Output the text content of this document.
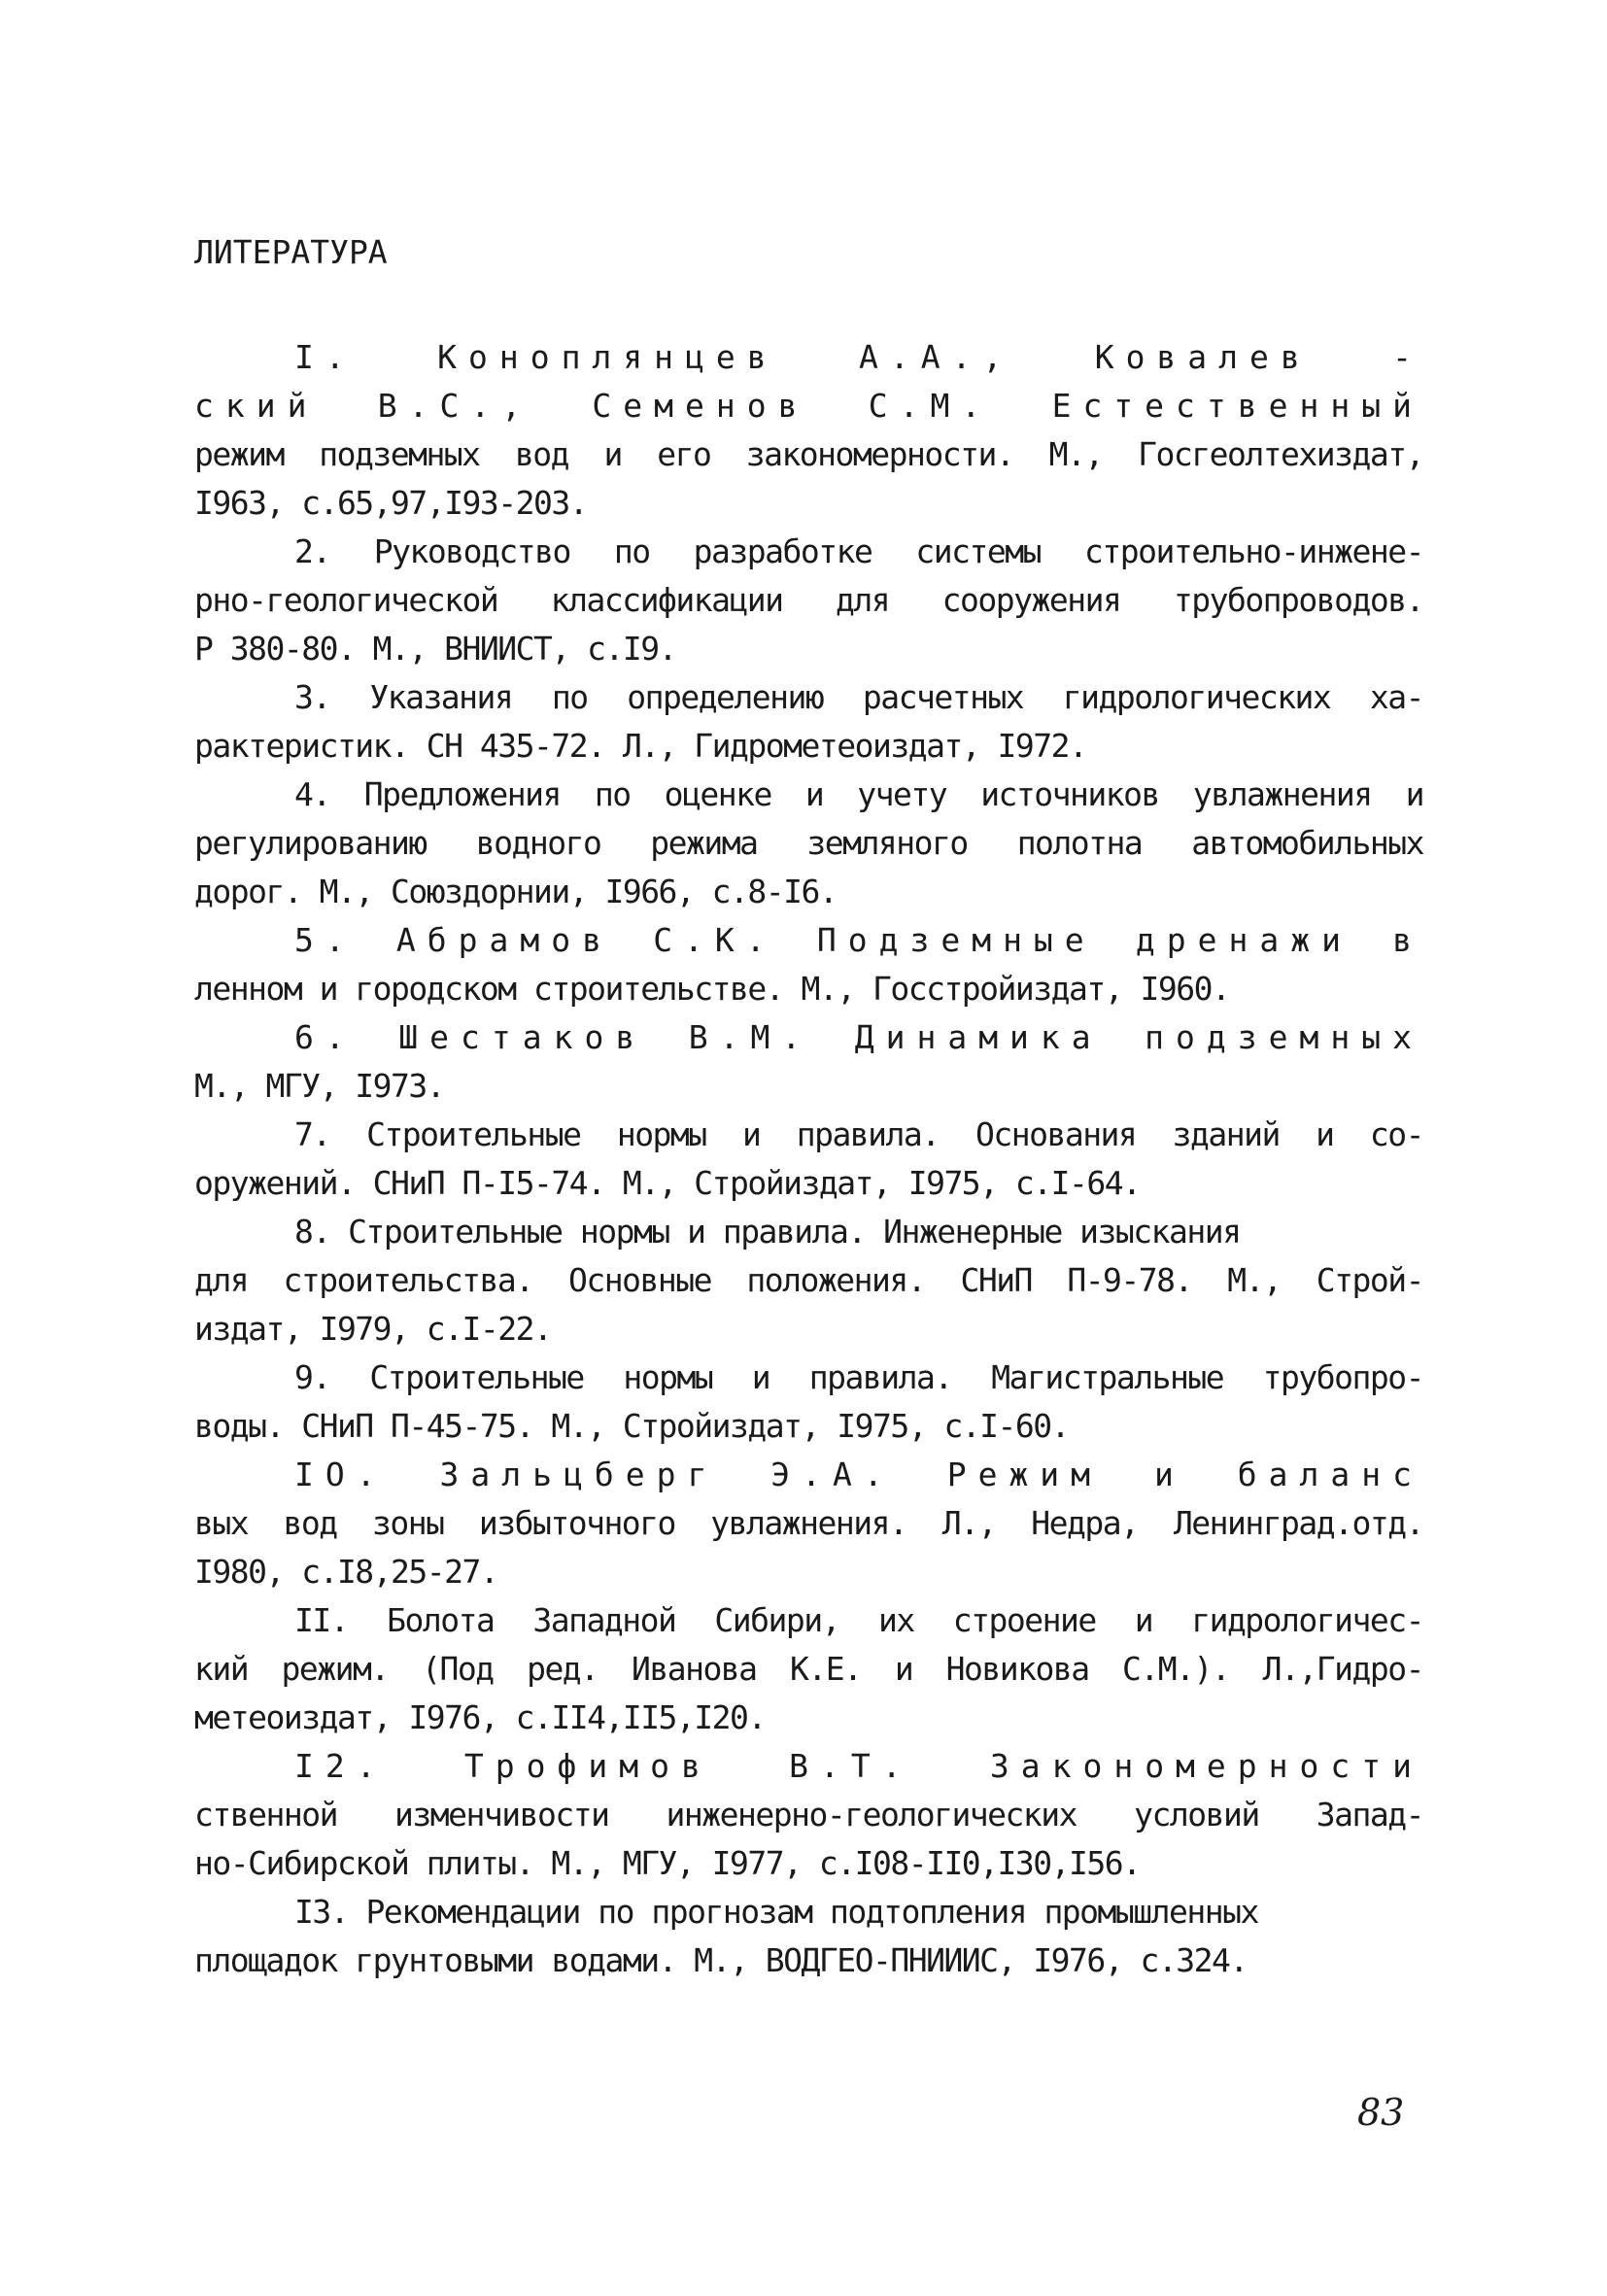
ЛИТЕРАТУРА
I. Коноплянцев А.А., Ковалев -
ский В.С., Семенов С.М. Естественный
режим подземных вод и его закономерности. М., Госгеолтехиздат,
I963, с.65,97,I93-203.
2. Руководство по разработке системы строительно-инжене-
рно-геологической классификации для сооружения трубопроводов.
Р 380-80. М., ВНИИСТ, с.I9.
3. Указания по определению расчетных гидрологических ха-
рактеристик. СН 435-72. Л., Гидрометеоиздат, I972.
4. Предложения по оценке и учету источников увлажнения и
регулированию водного режима земляного полотна автомобильных
дорог. М., Союздорнии, I966, с.8-I6.
5. Абрамов С.К. Подземные дренажи в
ленном и городском строительстве. М., Госстройиздат, I960.
6. Шестаков В.М. Динамика подземных
М., МГУ, I973.
7. Строительные нормы и правила. Основания зданий и со-
оружений. СНиП П-I5-74. М., Стройиздат, I975, с.I-64.
8. Строительные нормы и правила. Инженерные изыскания
для строительства. Основные положения. СНиП П-9-78. М., Строй-
издат, I979, с.I-22.
9. Строительные нормы и правила. Магистральные трубопро-
воды. СНиП П-45-75. М., Стройиздат, I975, с.I-60.
IO. Зальцберг Э.А. Режим и баланс
вых вод зоны избыточного увлажнения. Л., Недра, Ленинград.отд.
I980, с.I8,25-27.
II. Болота Западной Сибири, их строение и гидрологичес-
кий режим. (Под ред. Иванова К.Е. и Новикова С.М.). Л.,Гидро-
метеоиздат, I976, с.II4,II5,I20.
I2. Трофимов В.Т. Закономерности
ственной изменчивости инженерно-геологических условий Запад-
но-Сибирской плиты. М., МГУ, I977, с.I08-II0,I30,I56.
I3. Рекомендации по прогнозам подтопления промышленных
площадок грунтовыми водами. М., ВОДГЕО-ПНИИИС, I976, с.324.
83
